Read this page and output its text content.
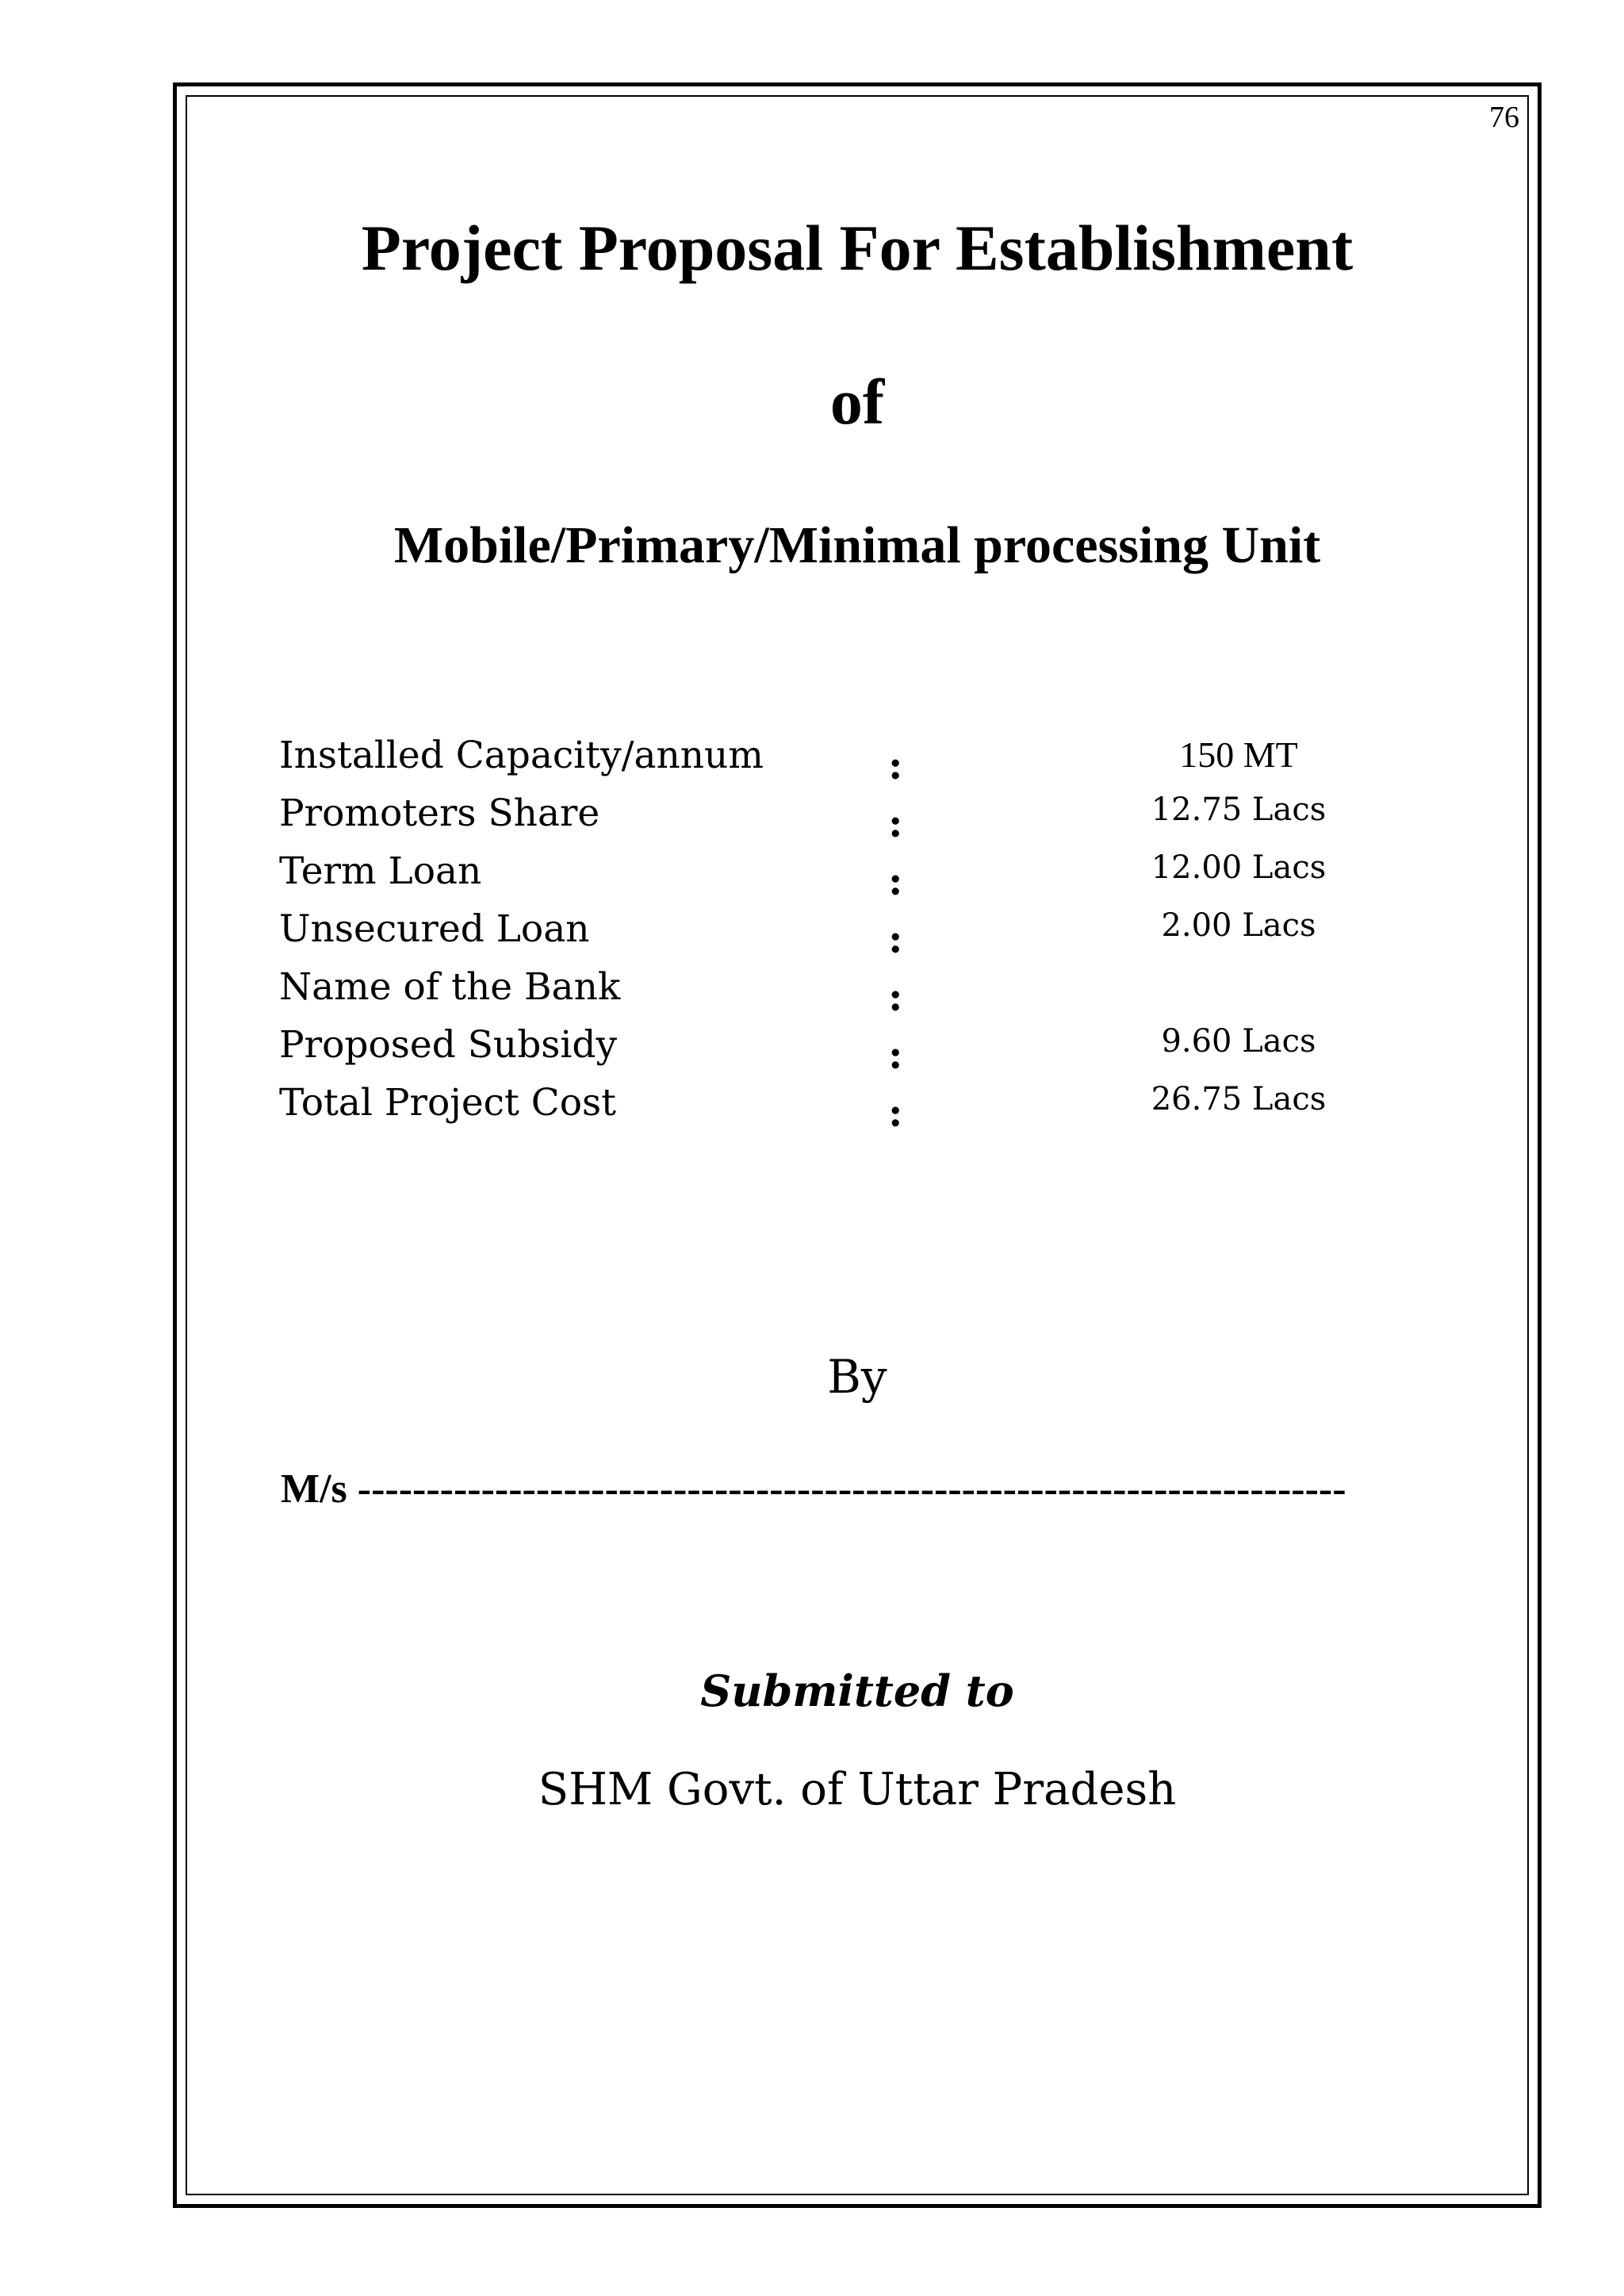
76
Project Proposal For Establishment
of
Mobile/Primary/Minimal processing Unit
Installed Capacity/annum	:	150 MT
Promoters Share	:	12.75 Lacs
Term Loan	:	12.00 Lacs
Unsecured Loan	:	2.00 Lacs
Name of the Bank	:
Proposed Subsidy	:	9.60 Lacs
Total Project Cost	:	26.75 Lacs
By
M/s ------------------------------------------------------------------------
Submitted to
SHM Govt. of Uttar Pradesh
